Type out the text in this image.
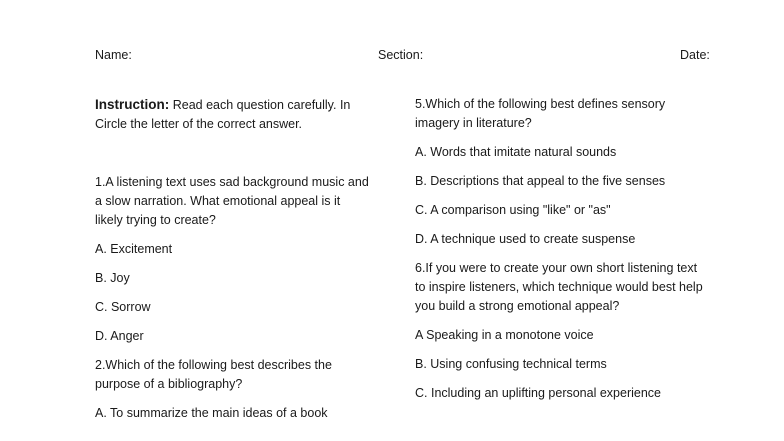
Name:	Section:	Date:

Instruction: Read each question carefully. In Circle the letter of the correct answer.

1.A listening text uses sad background music and a slow narration. What emotional appeal is it likely trying to create?

A. Excitement

B. Joy

C. Sorrow

D. Anger

2.Which of the following best describes the purpose of a bibliography?

A. To summarize the main ideas of a book

5.Which of the following best defines sensory imagery in literature?

A. Words that imitate natural sounds

B. Descriptions that appeal to the five senses

C. A comparison using "like" or "as"

D. A technique used to create suspense

6.If you were to create your own short listening text to inspire listeners, which technique would best help you build a strong emotional appeal?

A Speaking in a monotone voice

B. Using confusing technical terms

C. Including an uplifting personal experience
